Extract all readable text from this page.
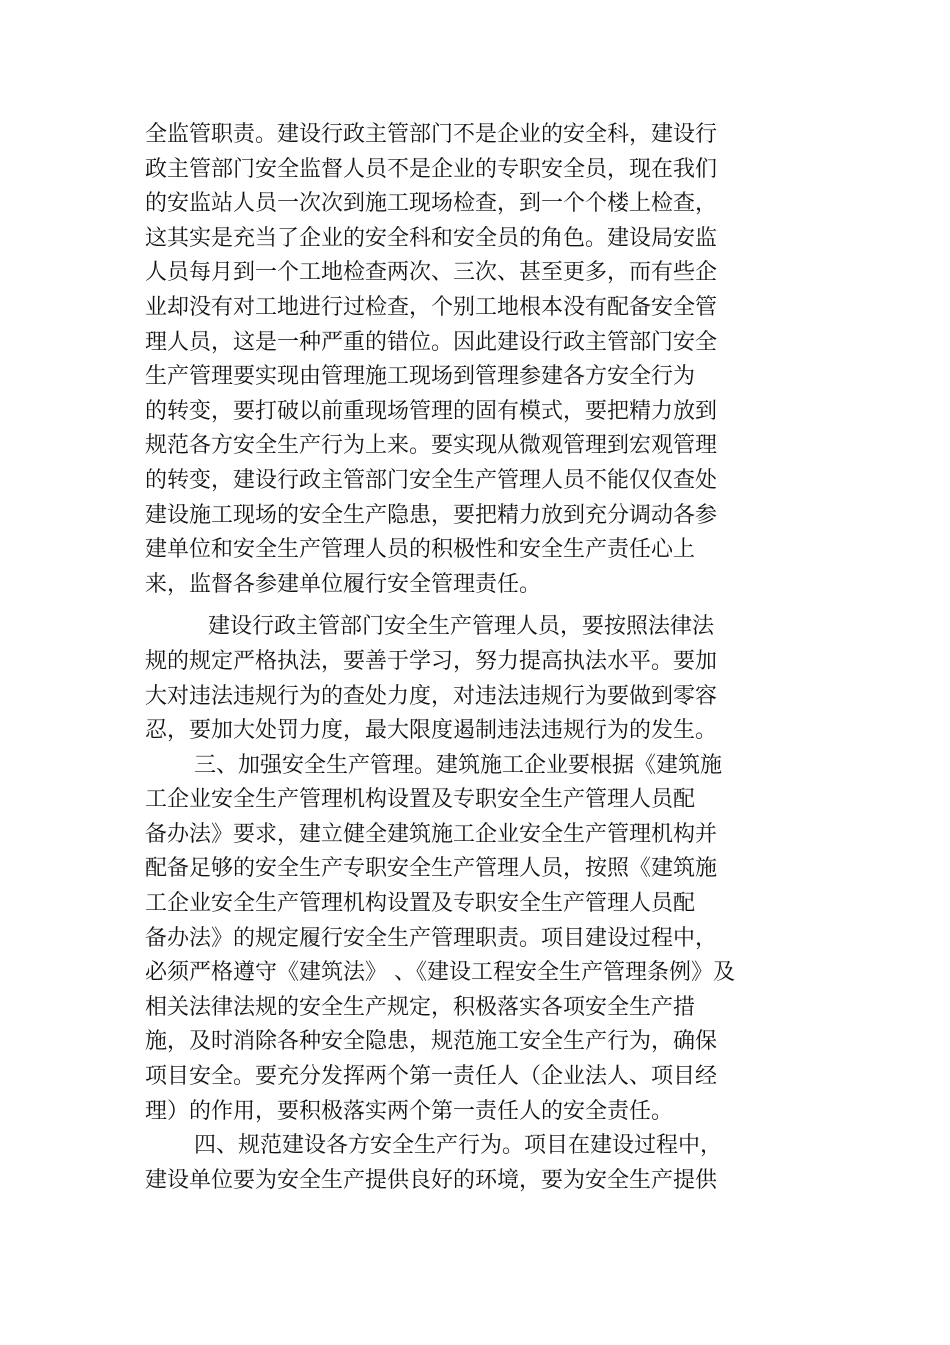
全监管职责。建设行政主管部门不是企业的安全科，建设行
政主管部门安全监督人员不是企业的专职安全员，现在我们
的安监站人员一次次到施工现场检查，到一个个楼上检查，
这其实是充当了企业的安全科和安全员的角色。建设局安监
人员每月到一个工地检查两次、三次、甚至更多，而有些企
业却没有对工地进行过检查，个别工地根本没有配备安全管
理人员，这是一种严重的错位。因此建设行政主管部门安全
生产管理要实现由管理施工现场到管理参建各方安全行为
的转变，要打破以前重现场管理的固有模式，要把精力放到
规范各方安全生产行为上来。要实现从微观管理到宏观管理
的转变，建设行政主管部门安全生产管理人员不能仅仅查处
建设施工现场的安全生产隐患，要把精力放到充分调动各参
建单位和安全生产管理人员的积极性和安全生产责任心上
来，监督各参建单位履行安全管理责任。
建设行政主管部门安全生产管理人员，要按照法律法
规的规定严格执法，要善于学习，努力提高执法水平。要加
大对违法违规行为的查处力度，对违法违规行为要做到零容
忍，要加大处罚力度，最大限度遏制违法违规行为的发生。
三、加强安全生产管理。建筑施工企业要根据《建筑施
工企业安全生产管理机构设置及专职安全生产管理人员配
备办法》要求，建立健全建筑施工企业安全生产管理机构并
配备足够的安全生产专职安全生产管理人员，按照《建筑施
工企业安全生产管理机构设置及专职安全生产管理人员配
备办法》的规定履行安全生产管理职责。项目建设过程中，
必须严格遵守《建筑法》 、《建设工程安全生产管理条例》及
相关法律法规的安全生产规定，积极落实各项安全生产措
施，及时消除各种安全隐患，规范施工安全生产行为，确保
项目安全。要充分发挥两个第一责任人（企业法人、项目经
理）的作用，要积极落实两个第一责任人的安全责任。
四、规范建设各方安全生产行为。项目在建设过程中，
建设单位要为安全生产提供良好的环境，要为安全生产提供
